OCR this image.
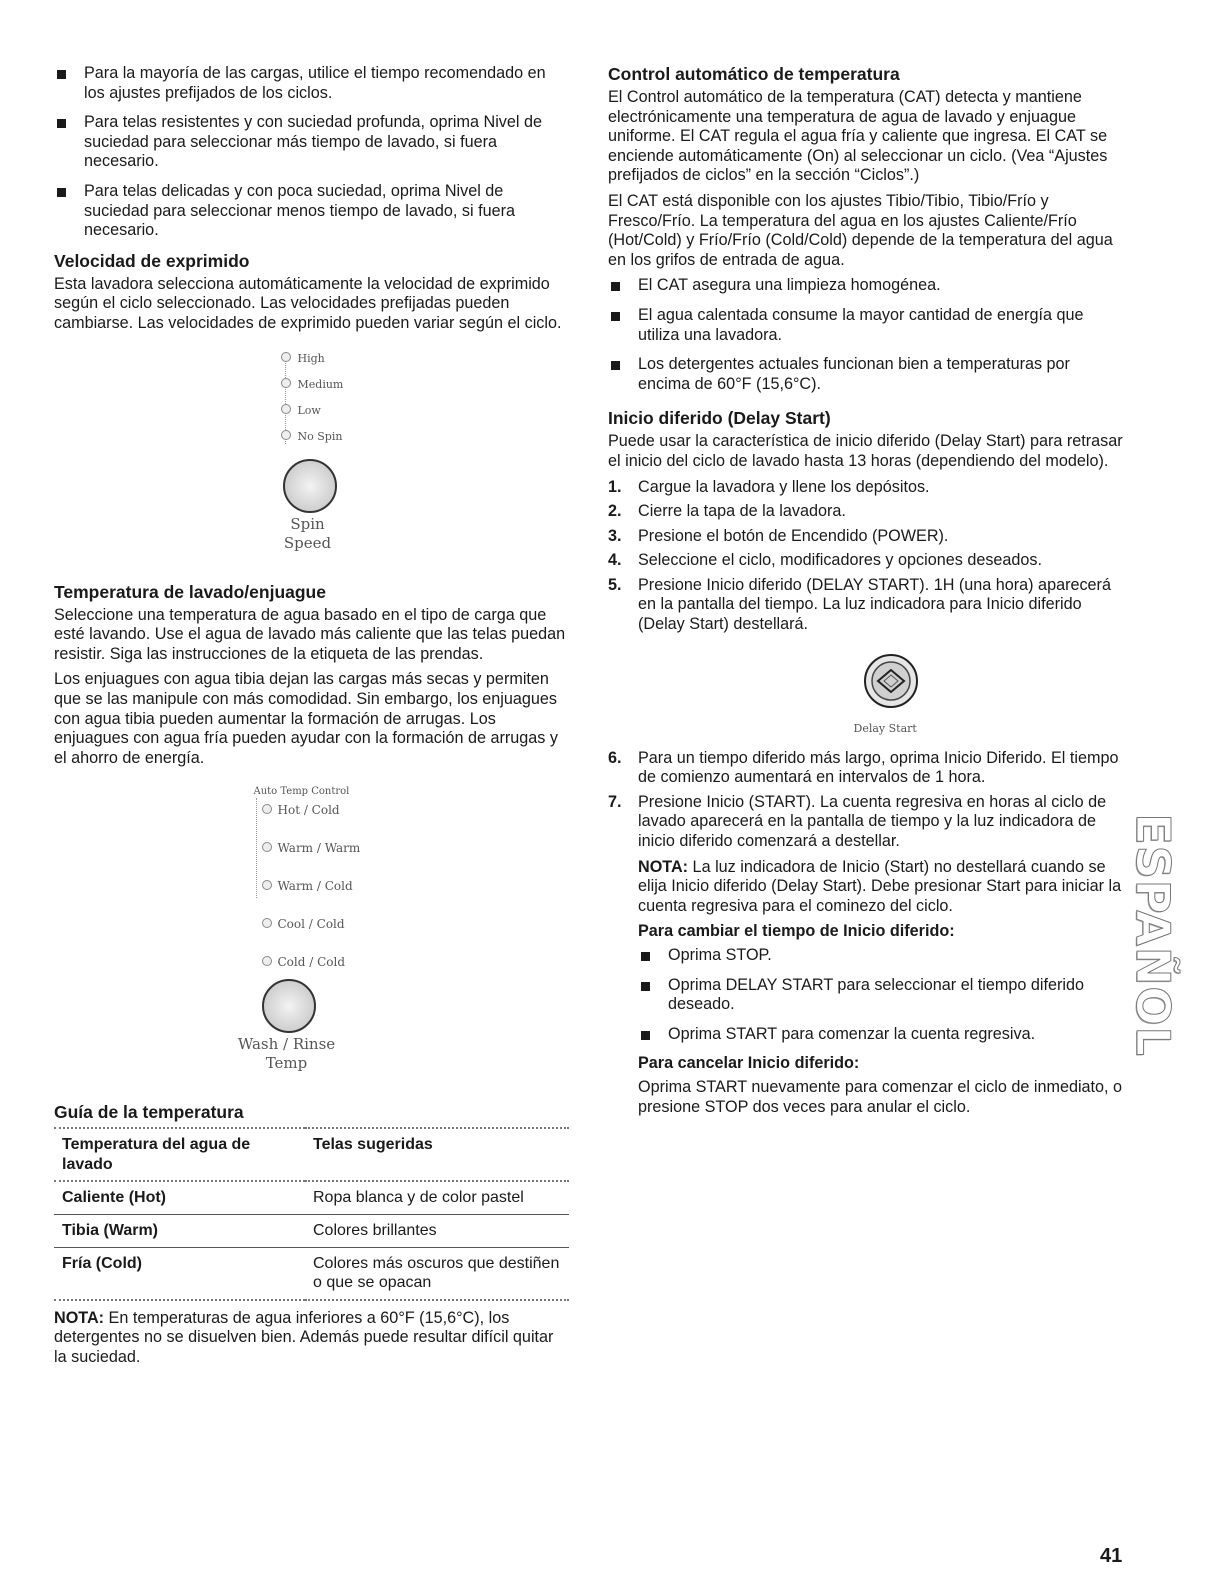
Para la mayoría de las cargas, utilice el tiempo recomendado en los ajustes prefijados de los ciclos.
Para telas resistentes y con suciedad profunda, oprima Nivel de suciedad para seleccionar más tiempo de lavado, si fuera necesario.
Para telas delicadas y con poca suciedad, oprima Nivel de suciedad para seleccionar menos tiempo de lavado, si fuera necesario.
Velocidad de exprimido

Esta lavadora selecciona automáticamente la velocidad de exprimido según el ciclo seleccionado. Las velocidades prefijadas pueden cambiarse. Las velocidades de exprimido pueden variar según el ciclo.

High
Medium
Low
No Spin
Spin
Speed
Temperatura de lavado/enjuague

Seleccione una temperatura de agua basado en el tipo de carga que esté lavando. Use el agua de lavado más caliente que las telas puedan resistir. Siga las instrucciones de la etiqueta de las prendas.

Los enjuagues con agua tibia dejan las cargas más secas y permiten que se las manipule con más comodidad. Sin embargo, los enjuagues con agua tibia pueden aumentar la formación de arrugas. Los enjuagues con agua fría pueden ayudar con la formación de arrugas y el ahorro de energía.

Auto Temp Control
Hot / Cold
Warm / Warm
Warm / Cold
Cool / Cold
Cold / Cold
Wash / Rinse
Temp
Guía de la temperatura
Temperatura del agua de lavado	Telas sugeridas
Caliente (Hot)	Ropa blanca y de color pastel
Tibia (Warm)	Colores brillantes
Fría (Cold)	Colores más oscuros que destiñen o que se opacan

NOTA: En temperaturas de agua inferiores a 60°F (15,6°C), los detergentes no se disuelven bien. Además puede resultar difícil quitar la suciedad.

Control automático de temperatura

El Control automático de la temperatura (CAT) detecta y mantiene electrónicamente una temperatura de agua de lavado y enjuague uniforme. El CAT regula el agua fría y caliente que ingresa. El CAT se enciende automáticamente (On) al seleccionar un ciclo. (Vea “Ajustes prefijados de ciclos” en la sección “Ciclos”.)

El CAT está disponible con los ajustes Tibio/Tibio, Tibio/Frío y Fresco/Frío. La temperatura del agua en los ajustes Caliente/Frío (Hot/Cold) y Frío/Frío (Cold/Cold) depende de la temperatura del agua en los grifos de entrada de agua.

El CAT asegura una limpieza homogénea.
El agua calentada consume la mayor cantidad de energía que utiliza una lavadora.
Los detergentes actuales funcionan bien a temperaturas por encima de 60°F (15,6°C).
Inicio diferido (Delay Start)

Puede usar la característica de inicio diferido (Delay Start) para retrasar el inicio del ciclo de lavado hasta 13 horas (dependiendo del modelo).

1. Cargue la lavadora y llene los depósitos.
2. Cierre la tapa de la lavadora.
3. Presione el botón de Encendido (POWER).
4. Seleccione el ciclo, modificadores y opciones deseados.
5. Presione Inicio diferido (DELAY START). 1H (una hora) aparecerá en la pantalla del tiempo. La luz indicadora para Inicio diferido (Delay Start) destellará.
Delay Start
6. Para un tiempo diferido más largo, oprima Inicio Diferido. El tiempo de comienzo aumentará en intervalos de 1 hora.
7. Presione Inicio (START). La cuenta regresiva en horas al ciclo de lavado aparecerá en la pantalla de tiempo y la luz indicadora de inicio diferido comenzará a destellar.

NOTA: La luz indicadora de Inicio (Start) no destellará cuando se elija Inicio diferido (Delay Start). Debe presionar Start para iniciar la cuenta regresiva para el cominezo del ciclo.

Para cambiar el tiempo de Inicio diferido:
Oprima STOP.
Oprima DELAY START para seleccionar el tiempo diferido deseado.
Oprima START para comenzar la cuenta regresiva.
Para cancelar Inicio diferido:

Oprima START nuevamente para comenzar el ciclo de inmediato, o presione STOP dos veces para anular el ciclo.

ESPAÑOL
41
